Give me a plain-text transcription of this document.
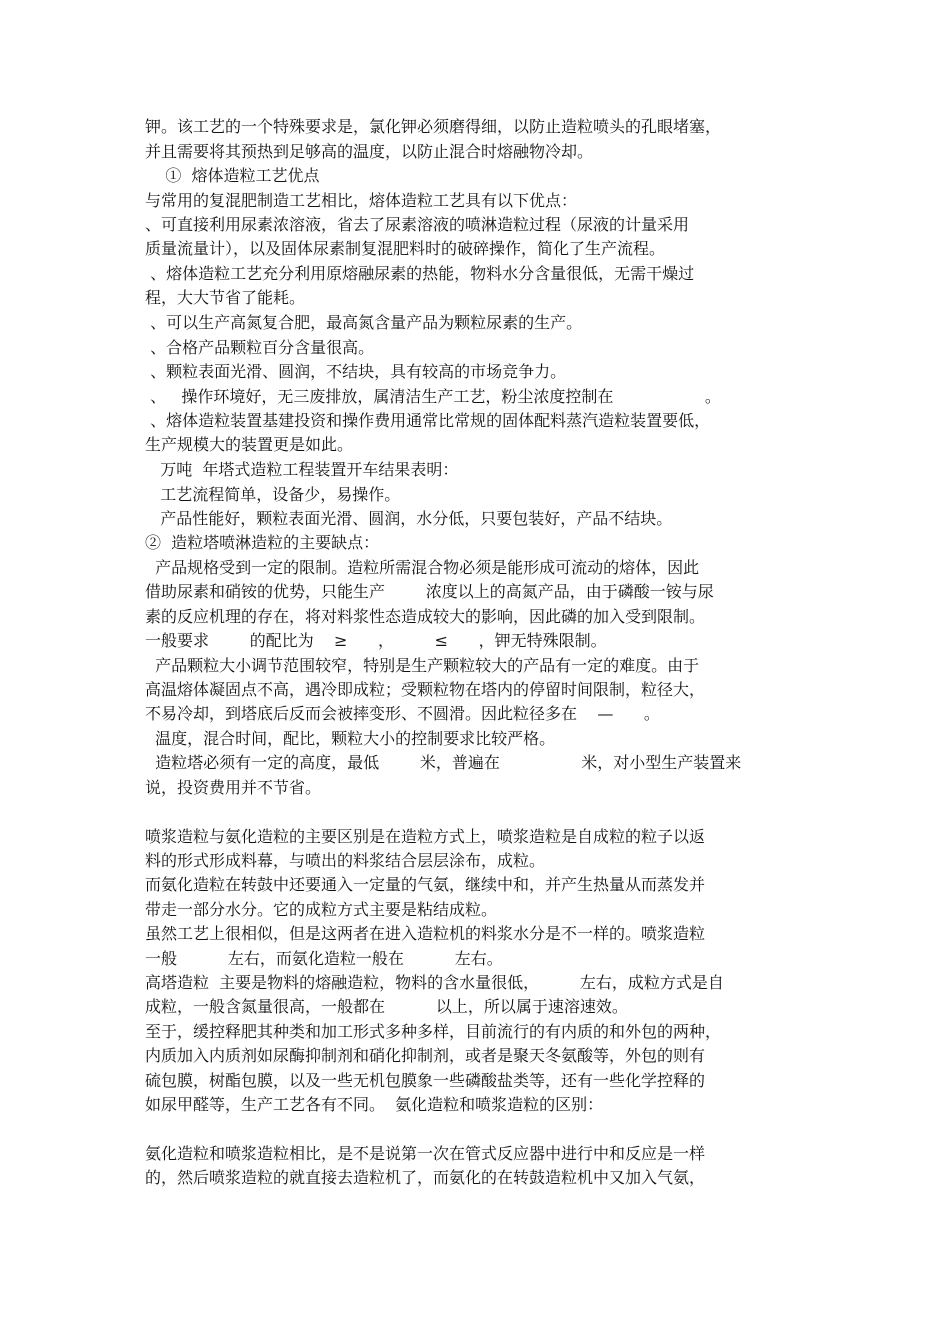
钾。该工艺的一个特殊要求是，氯化钾必须磨得细，以防止造粒喷头的孔眼堵塞，
并且需要将其预热到足够高的温度，以防止混合时熔融物冷却。
①  熔体造粒工艺优点
与常用的复混肥制造工艺相比，熔体造粒工艺具有以下优点：
、可直接利用尿素浓溶液，省去了尿素溶液的喷淋造粒过程（尿液的计量采用
质量流量计），以及固体尿素制复混肥料时的破碎操作，简化了生产流程。
、熔体造粒工艺充分利用原熔融尿素的热能，物料水分含量很低，无需干燥过
程，大大节省了能耗。
、可以生产高氮复合肥，最高氮含量产品为颗粒尿素的生产。
、合格产品颗粒百分含量很高。
、颗粒表面光滑、圆润，不结块，具有较高的市场竞争力。
、   操作环境好，无三废排放，属清洁生产工艺，粉尘浓度控制在                  。
、熔体造粒装置基建投资和操作费用通常比常规的固体配料蒸汽造粒装置要低，
生产规模大的装置更是如此。
万吨  年塔式造粒工程装置开车结果表明：
工艺流程简单，设备少，易操作。
产品性能好，颗粒表面光滑、圆润，水分低，只要包装好，产品不结块。
②  造粒塔喷淋造粒的主要缺点：
产品规格受到一定的限制。造粒所需混合物必须是能形成可流动的熔体，因此
借助尿素和硝铵的优势，只能生产        浓度以上的高氮产品，由于磷酸一铵与尿
素的反应机理的存在，将对料浆性态造成较大的影响，因此磷的加入受到限制。
一般要求        的配比为    ≥      ，        ≤      ，钾无特殊限制。
产品颗粒大小调节范围较窄，特别是生产颗粒较大的产品有一定的难度。由于
高温熔体凝固点不高，遇冷即成粒；受颗粒物在塔内的停留时间限制，粒径大，
不易冷却，到塔底后反而会被摔变形、不圆滑。因此粒径多在    —      。
温度，混合时间，配比，颗粒大小的控制要求比较严格。
造粒塔必须有一定的高度，最低        米，普遍在                米，对小型生产装置来
说，投资费用并不节省。
喷浆造粒与氨化造粒的主要区别是在造粒方式上，喷浆造粒是自成粒的粒子以返
料的形式形成料幕，与喷出的料浆结合层层涂布，成粒。
而氨化造粒在转鼓中还要通入一定量的气氨，继续中和，并产生热量从而蒸发并
带走一部分水分。它的成粒方式主要是粘结成粒。
虽然工艺上很相似，但是这两者在进入造粒机的料浆水分是不一样的。喷浆造粒
一般          左右，而氨化造粒一般在          左右。
高塔造粒  主要是物料的熔融造粒，物料的含水量很低，        左右，成粒方式是自
成粒，一般含氮量很高，一般都在          以上，所以属于速溶速效。
至于，缓控释肥其种类和加工形式多种多样，目前流行的有内质的和外包的两种，
内质加入内质剂如尿酶抑制剂和硝化抑制剂，或者是聚天冬氨酸等，外包的则有
硫包膜，树酯包膜，以及一些无机包膜象一些磷酸盐类等，还有一些化学控释的
如尿甲醛等，生产工艺各有不同。  氨化造粒和喷浆造粒的区别：
氨化造粒和喷浆造粒相比，是不是说第一次在管式反应器中进行中和反应是一样
的，然后喷浆造粒的就直接去造粒机了，而氨化的在转鼓造粒机中又加入气氨，
